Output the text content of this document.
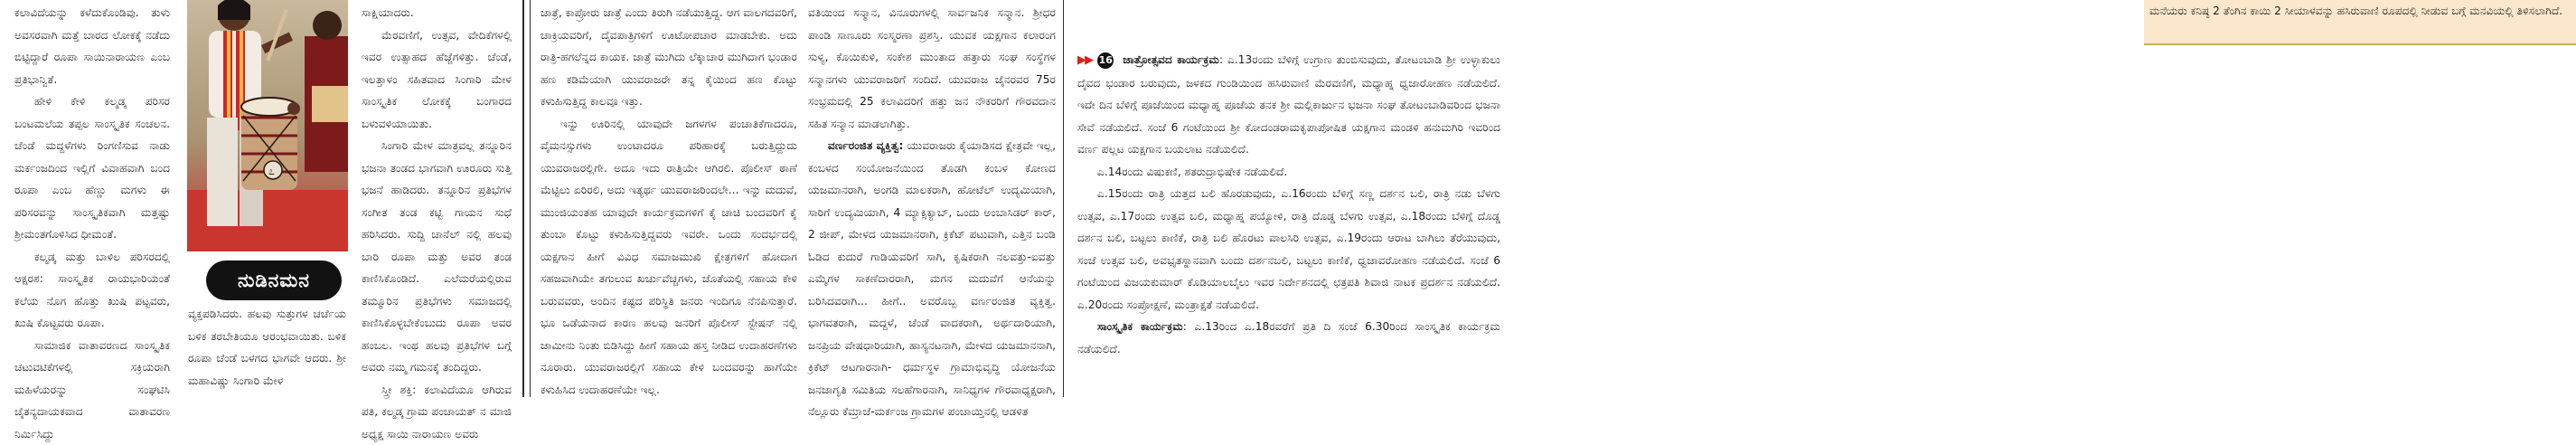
ಕಲಾವಿದೆಯನ್ನು ಕಳೆದುಕೊಂಡಿವು. ತುಳು ಅವಸರವಾಗಿ ಮತ್ತೆ ಬಾರದ ಲೋಕಕ್ಕೆ ನಡೆದು ಬಿಟ್ಟಿದ್ದಾರೆ ರೂಪಾ ಸಾಯಿನಾರಾಯಣ ಎಂಬ ಪ್ರತಿಭಾನ್ವಿತೆ.

ಹೇಳಿ ಕೇಳಿ ಕಲ್ಮಡ್ಕ ಪರಿಸರ ಬಂಟಮಲೆಯ ತಪ್ಪಲ ಸಾಂಸ್ಕೃತಿಕ ಸಂಚಲನ. ಚೆಂಡೆ ಮದ್ದಳೆಗಳು ರಿಂಗಣಿಸುವ ನಾಡು ಮರ್ಕಂಜದಿಂದ ಇಲ್ಲಿಗೆ ವಿವಾಹವಾಗಿ ಬಂದ ರೂಪಾ ಎಂಬ ಹೆಣ್ಣು ಮಗಳು ಈ ಪರಿಸರವನ್ನು ಸಾಂಸ್ಕೃತಿಕವಾಗಿ ಮತ್ತಷ್ಟು ಶ್ರೀಮಂತಗೊಳಿಸಿದ ಧೀಮಂತೆ.

ಕಲ್ಮಡ್ಕ ಮತ್ತು ಬಾಳಿಲ ಪರಿಸರದಲ್ಲಿ ಆಕ್ಷರಶ: ಸಾಂಸ್ಕೃತಿಕ ರಾಯಭಾರಿಯಂತೆ ಕಲೆಯ ನೊಗ ಹೊತ್ತು ಖುಷಿ ಪಟ್ಟವರು, ಖುಷಿ ಕೊಟ್ಟವರು ರೂಪಾ.

ಸಾಮಾಜಿಕ ವಾತಾವರಣದ ಸಾಂಸ್ಕೃತಿಕ ಚಟುವಟಿಕೆಗಳಲ್ಲಿ ಸಕ್ರಿಯರಾಗಿ ಮಹಿಳೆಯರನ್ನು ಸಂಘಟಿಸಿ ಚೈತನ್ಯದಾಯಕವಾದ ವಾತಾವರಣ ನಿರ್ಮಿಸಿದ್ದು

೭
ನುಡಿನಮನ

ವ್ಯಕ್ತಪಡಿಸಿದರು. ಹಲವು ಸುತ್ತುಗಳ ಚರ್ಚೆಯ ಬಳಿಕ ತರಬೇತಿಯೂ ಆರಂಭವಾಯಿತು. ಬಳಿಕ ರೂಪಾ ಚೆಂಡೆ ಬಳಗದ ಭಾಗವೇ ಆದರು. ಶ್ರೀ ಮಹಾವಿಷ್ಣು ಸಿಂಗಾರಿ ಮೇಳ

ಸಾಕ್ಷಿಯಾದರು.

ಮೆರವಣಿಗೆ, ಉತ್ಸವ, ವೇದಿಕೆಗಳಲ್ಲಿ ಇವರ ಉತ್ಸಾಹದ ಹೆಜ್ಜೆಗಳಿತ್ತು. ಚೆಂಡೆ, ಇಲತ್ತಾಳಂ ಸಹಿತವಾದ ಸಿಂಗಾರಿ ಮೇಳ ಸಾಂಸ್ಕೃತಿಕ ಲೋಕಕ್ಕೆ ಬಂಗಾರದ ಬಳುವಳಿಯಾಯಿತು.

ಸಿಂಗಾರಿ ಮೇಳ ಮಾತ್ರವಲ್ಲ ತನ್ನೂರಿನ ಭಜನಾ ತಂಡದ ಭಾಗವಾಗಿ ಊರೂರು ಸುತ್ತಿ ಭಜನೆ ಹಾಡಿದರು. ತನ್ನೂರಿನ ಪ್ರತಿಭೆಗಳ ಸಂಗೀತ ತಂಡ ಕಟ್ಟಿ ಗಾಯನ ಸುಧೆ ಹರಿಸಿದರು. ಸುದ್ದಿ ಚಾನೆಲ್ ನಲ್ಲಿ ಹಲವು ಬಾರಿ ರೂಪಾ ಮತ್ತು ಅವರ ತಂಡ ಕಾಣಿಸಿಕೊಂಡಿದೆ. ಎಲೆಮರೆಯಲ್ಲಿರುವ ತಮ್ಮೂರಿನ ಪ್ರತಿಭೆಗಳು ಸಮಾಜದಲ್ಲಿ ಕಾಣಿಸಿಕೊಳ್ಳಬೇಕೆಂಬುದು ರೂಪಾ ಅವರ ಹಂಬಲ. ಇಂಥ ಹಲವು ಪ್ರತಿಭೆಗಳ ಬಗ್ಗೆ ಅವರು ನಮ್ಮ ಗಮನಕ್ಕೆ ತಂದಿದ್ದರು.

ಸ್ತ್ರೀ ಶಕ್ತಿ: ಕಲಾವಿದೆಯೂ ಆಗಿರುವ ಪತಿ, ಕಲ್ಮಡ್ಕ ಗ್ರಾಮ ಪಂಚಾಯತ್ ನ ಮಾಜಿ ಅಧ್ಯಕ್ಷ ಸಾಯಿ ನಾರಾಯಣ ಅವರು

ಜಾತ್ರೆ, ಕಾಪ್ರೋರು ಜಾತ್ರೆ ಎಂದು ತಿರುಗಿ ನಡೆಯುತ್ತಿದ್ದ. ಆಗ ವಾಲಗದವರಿಗೆ, ಚಾಕ್ರಿಯವರಿಗೆ, ದೈವಪಾತ್ರಿಗಳಿಗೆ ಊಟೋಪಚಾರ ಮಾಡಬೇಕು. ಅದು ರಾತ್ರಿ-ಹಗಲೆನ್ನದ ಕಾಯಕ. ಜಾತ್ರೆ ಮುಗಿದು ಲೆಕ್ಕಾಚಾರ ಮುಗಿದಾಗ ಭಂಡಾರ ಹಣ ಕಡಿಮೆಯಾಗಿ ಯುವರಾಜರೇ ತನ್ನ ಕೈಯಿಂದ ಹಣ ಕೊಟ್ಟು ಕಳುಹಿಸುತ್ತಿದ್ದ ಕಾಲವೂ ಇತ್ತು.

ಇನ್ನು ಊರಿನಲ್ಲಿ ಯಾವುದೇ ಜಗಳಗಳ ಪಂಚಾತಿಕೆಗಾದರೂ, ವೈಮನಸ್ಸುಗಳು ಉಂಟಾದರೂ ಪರಿಹಾರಕ್ಕೆ ಬರುತ್ತಿದ್ದುದು ಯುವರಾಜರಲ್ಲಿಗೇ. ಅದೂ ಇದು ರಾತ್ರಿಯೇ ಆಗಿರಲಿ. ಪೊಲೀಸ್ ಠಾಣೆ ಮೆಟ್ಟಿಲು ಏರಿರಲಿ, ಅದು ಇತ್ಯರ್ಥ ಯುವರಾಜರಿಂದಲೇ... ಇನ್ನು ಮದುವೆ, ಮುಂಜಿಯಂತಹ ಯಾವುದೇ ಕಾರ್ಯಕ್ರಮಗಳಿಗೆ ಕೈ ಚಾಚಿ ಬಂದವರಿಗೆ ಕೈ ತುಂಬಾ ಕೊಟ್ಟು ಕಳುಹಿಸುತ್ತಿದ್ದವರು ಇವರೇ. ಒಂದು ಸಂದರ್ಭದಲ್ಲಿ ಯಕ್ಷಗಾನ ಹೀಗೆ ವಿವಿಧ ಸಮಾಜಮುಖಿ ಕ್ಷೇತ್ರಗಳಿಗೆ ಹೋದಾಗ ಸಹಜವಾಗಿಯೇ ತಗುಲುವ ಖರ್ಚುವೆಚ್ಚಗಳು, ಜೊತೆಯಲ್ಲಿ ಸಹಾಯ ಕೇಳಿ ಬರುವವರು, ಅಂದಿನ ಕಷ್ಟದ ಪರಿಸ್ಥಿತಿ ಜನರು ಇಂದಿಗೂ ನೆನಪಿಸುತ್ತಾರೆ. ಭೂ ಒಡೆಯನಾದ ಕಾರಣ ಹಲವು ಜನರಿಗೆ ಪೊಲೀಸ್ ಸ್ಟೇಷನ್ ನಲ್ಲಿ ಜಾಮೀನು ನಿಂತು ಬಿಡಿಸಿದ್ದು ಹೀಗೆ ಸಹಾಯ ಹಸ್ತ ನೀಡಿದ ಉದಾಹರಣೆಗಳು ನೂರಾರು. ಯುವರಾಜರಲ್ಲಿಗೆ ಸಹಾಯ ಕೇಳಿ ಬಂದವರನ್ನು ಹಾಗೆಯೇ ಕಳುಹಿಸಿದ ಉದಾಹರಣೆಯೇ ಇಲ್ಲ.

ವತಿಯಿಂದ ಸನ್ಮಾನ, ವಿನೂರುಗಳಲ್ಲಿ ಸಾರ್ವಜನಿಕ ಸನ್ಮಾನ. ಶ್ರೀಧರ ಪಾಂಡಿ ಸಾಣೂರು ಸಂಸ್ಮರಣಾ ಪ್ರಶಸ್ತಿ. ಯುವಕ ಯಕ್ಷಗಾನ ಕಲಾರಂಗ ಸುಳ್ಯ, ಕೊಯಿಕುಳಿ, ಸಂಕೇಶ ಮುಂತಾದ ಹತ್ತಾರು ಸಂಘ ಸಂಸ್ಥೆಗಳ ಸನ್ಮಾನಗಳು ಯುವರಾಜರಿಗೆ ಸಂದಿದೆ. ಯುವರಾಜ ಜೈನರವರ 75ರ ಸಂಭ್ರಮದಲ್ಲಿ 25 ಕಲಾವಿದರಿಗೆ ಹತ್ತು ಜನ ನೌಕರರಿಗೆ ಗೌರವದಾನ ಸಹಿತ ಸನ್ಮಾನ ಮಾಡಲಾಗಿತ್ತು.

ವರ್ಣರಂಜಿತ ವ್ಯಕ್ತಿತ್ವ: ಯುವರಾಜರು ಕೈಯಾಡಿಸದ ಕ್ಷೇತ್ರವೇ ಇಲ್ಲ, ಕಂಬಳದ ಸಂಯೋಜನೆಯಿಂದ ತೊಡಗಿ ಕಂಬಳ ಕೋಣದ ಯಜಮಾನರಾಗಿ, ಅಂಗಡಿ ಮಾಲಕರಾಗಿ, ಹೋಟೆಲ್ ಉದ್ಯಮಿಯಾಗಿ, ಸಾರಿಗೆ ಉದ್ಯಮಿಯಾಗಿ, 4 ಮ್ಯಾಕ್ಸಿಕ್ಯಾಬ್, ಒಂದು ಅಂಬಾಸಿಡರ್ ಕಾರ್, 2 ಜೀಪ್, ಮೇಳದ ಯಜಮಾನರಾಗಿ, ಕ್ರಿಕೆಟ್ ಪಟುವಾಗಿ, ಎತ್ತಿನ ಬಂಡಿ ಓಡಿದ ಕುದುರೆ ಗಾಡಿಯವರಿಗೆ ಸಾಗಿ, ಕೃಷಿಕರಾಗಿ ನಲವತ್ತು-ಐವತ್ತು ಎಮ್ಮೆಗಳ ಸಾಕಣೆದಾರರಾಗಿ, ಮಗನ ಮದುವೆಗೆ ಆನೆಯನ್ನು ಬರಿಸಿದವರಾಗಿ... ಹೀಗೆ.. ಅವರೊಬ್ಬ ವರ್ಣರಂಜಿತ ವ್ಯಕ್ತಿತ್ವ. ಭಾಗವತರಾಗಿ, ಮದ್ದಳೆ, ಚೆಂಡೆ ವಾದಕರಾಗಿ, ಅರ್ಥದಾರಿಯಾಗಿ, ಜನಪ್ರಿಯ ವೇಷಧಾರಿಯಾಗಿ, ಹಾಸ್ಯನಟನಾಗಿ, ಮೇಳದ ಯಜಮಾನನಾಗಿ, ಕ್ರಿಕೆಟ್ ಆಟಗಾರನಾಗಿ- ಧರ್ಮಸ್ಥಳ ಗ್ರಾಮಾಭಿವೃದ್ಧಿ ಯೋಜನೆಯ ಜನಜಾಗೃತಿ ಸಮಿತಿಯ ಸಲಹೆಗಾರನಾಗಿ, ಸಾನಿಧ್ಯಗಳ ಗೌರವಾಧ್ಯಕ್ಷರಾಗಿ, ನೆಲ್ಲೂರು ಕೆಮ್ರಾಜೆ-ಮರ್ಕಂಜ ಗ್ರಾಮಗಳ ಪಂಚಾಯ್ತಿನಲ್ಲಿ ಆಡಳಿತ

ಮನೆಯರು ಕನಿಷ್ಠ 2 ತೆಂಗಿನ ಕಾಯಿ 2 ಸೀಯಾಳವನ್ನು ಹಸಿರುವಾಣಿ ರೂಪದಲ್ಲಿ ನೀಡುವ ಬಗ್ಗೆ ಮನವಿಯಲ್ಲಿ ತಿಳಿಸಲಾಗಿದೆ.

▶▶ 16 ಜಾತ್ರೋತ್ಸವದ ಕಾರ್ಯಕ್ರಮ: ಎ.13ರಂದು ಬೆಳಿಗ್ಗೆ ಉಗ್ರಾಣ ತುಂಬಿಸುವುದು, ತೋಟಂಬಾಡಿ ಶ್ರೀ ಉಳ್ಳಾಕುಲು ದೈವದ ಭಂಡಾರ ಬರುವುದು, ಜಳಕದ ಗುಂಡಿಯಿಂದ ಹಸಿರುವಾಣಿ ಮೆರವಣಿಗೆ, ಮಧ್ಯಾಹ್ನ ಧ್ವಜಾರೋಹಣ ನಡೆಯಲಿದೆ. ಇದೇ ದಿನ ಬೆಳಿಗ್ಗೆ ಪೂಜೆಯಿಂದ ಮಧ್ಯಾಹ್ನ ಪೂಜೆಯ ತನಕ ಶ್ರೀ ಮಲ್ಲಿಕಾರ್ಜುನ ಭಜನಾ ಸಂಘ ತೋಟಂಬಾಡಿವರಿಂದ ಭಜನಾ ಸೇವೆ ನಡೆಯಲಿದೆ. ಸಂಜೆ 6 ಗಂಟೆಯಿಂದ ಶ್ರೀ ಕೋದಂಡರಾಮಕೃಪಾಪೋಷಿತ ಯಕ್ಷಗಾನ ಮಂಡಳಿ ಹನುಮಗಿರಿ ಇವರಿಂದ ವರ್ಣ ಪಲ್ಲಟ ಯಕ್ಷಗಾನ ಬಯಲಾಟ ನಡೆಯಲಿದೆ.

ಎ.14ರಂದು ವಿಷುಕಣಿ, ಶತರುದ್ರಾಭಿಷೇಕ ನಡೆಯಲಿದೆ.

ಎ.15ರಂದು ರಾತ್ರಿ ಯತ್ತದ ಬಲಿ ಹೊರಡುವುದು, ಎ.16ರಂದು ಬೆಳಿಗ್ಗೆ ಸಣ್ಣ ದರ್ಶನ ಬಲಿ, ರಾತ್ರಿ ನಡು ಬೆಳಗು ಉತ್ಸವ, ಎ.17ರಂದು ಉತ್ಸವ ಬಲಿ, ಮಧ್ಯಾಹ್ನ ಪಯ್ಯೋಳಿ, ರಾತ್ರಿ ದೊಡ್ಡ ಬೆಳಗು ಉತ್ಸವ, ಎ.18ರಂದು ಬೆಳಿಗ್ಗೆ ದೊಡ್ಡ ದರ್ಶನ ಬಲಿ, ಬಟ್ಟಲು ಕಾಣಿಕೆ, ರಾತ್ರಿ ಬಲಿ ಹೊರಟು ವಾಲಸಿರಿ ಉತ್ಸವ, ಎ.19ರಂದು ಆರಾಟ ಬಾಗಿಲು ತೆರೆಯುವುದು, ಸಂಜೆ ಉತ್ಸವ ಬಲಿ, ಅವಭೃತಸ್ನಾನವಾಗಿ ಬಂದು ದರ್ಶನಬಲಿ, ಬಟ್ಟಲು ಕಾಣಿಕೆ, ಧ್ವಜಾವರೋಹಣ ನಡೆಯಲಿದೆ. ಸಂಜೆ 6 ಗಂಟೆಯಿಂದ ವಿಜಯಕುಮಾರ್ ಕೊಡಿಯಾಲಬೈಲು ಇವರ ನಿರ್ದೇಶನದಲ್ಲಿ ಛತ್ರಪತಿ ಶಿವಾಜಿ ನಾಟಕ ಪ್ರದರ್ಶನ ನಡೆಯಲಿದೆ. ಎ.20ರಂದು ಸಂಪ್ರೋಕ್ಷಣೆ, ಮಂತ್ರಾಕ್ಷತೆ ನಡೆಯಲಿದೆ.

ಸಾಂಸ್ಕೃತಿಕ ಕಾರ್ಯಕ್ರಮ: ಎ.13ರಿಂದ ಎ.18ರವರೆಗೆ ಪ್ರತಿ ದಿ ಸಂಜೆ 6.30ರಿಂದ ಸಾಂಸ್ಕೃತಿಕ ಕಾರ್ಯಕ್ರಮ ನಡೆಯಲಿದೆ.
